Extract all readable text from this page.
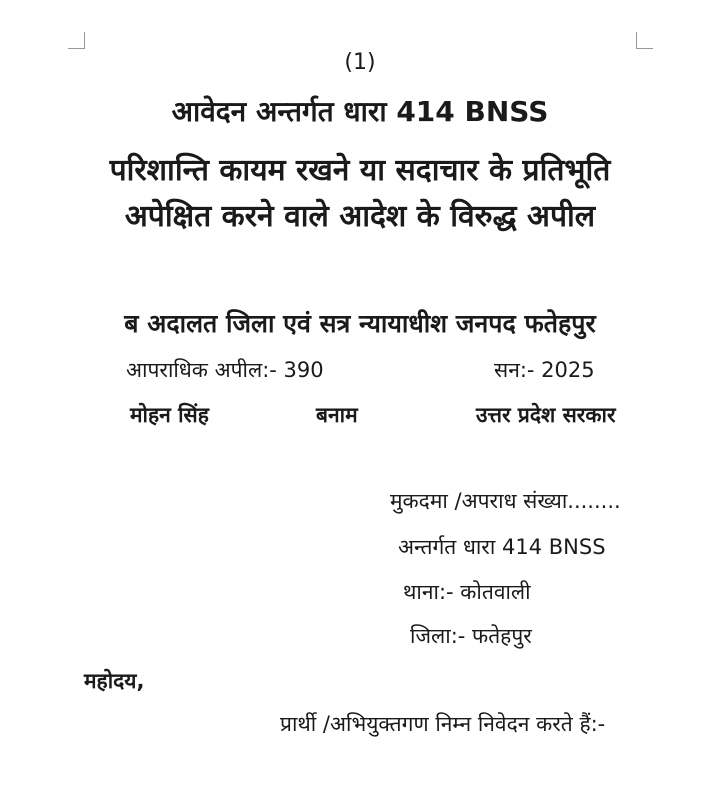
(1)
आवेदन अन्तर्गत धारा 414 BNSS
परिशान्ति कायम रखने या सदाचार के प्रतिभूति
अपेक्षित करने वाले आदेश के विरुद्ध अपील
ब अदालत जिला एवं सत्र न्यायाधीश जनपद फतेहपुर
आपराधिक अपील:- 390	सन:- 2025
मोहन सिंह	बनाम	उत्तर प्रदेश सरकार
मुकदमा /अपराध संख्या........
अन्तर्गत धारा 414 BNSS
थाना:- कोतवाली
जिला:- फतेहपुर
महोदय,
प्रार्थी /अभियुक्तगण निम्न निवेदन करते हैं:-
